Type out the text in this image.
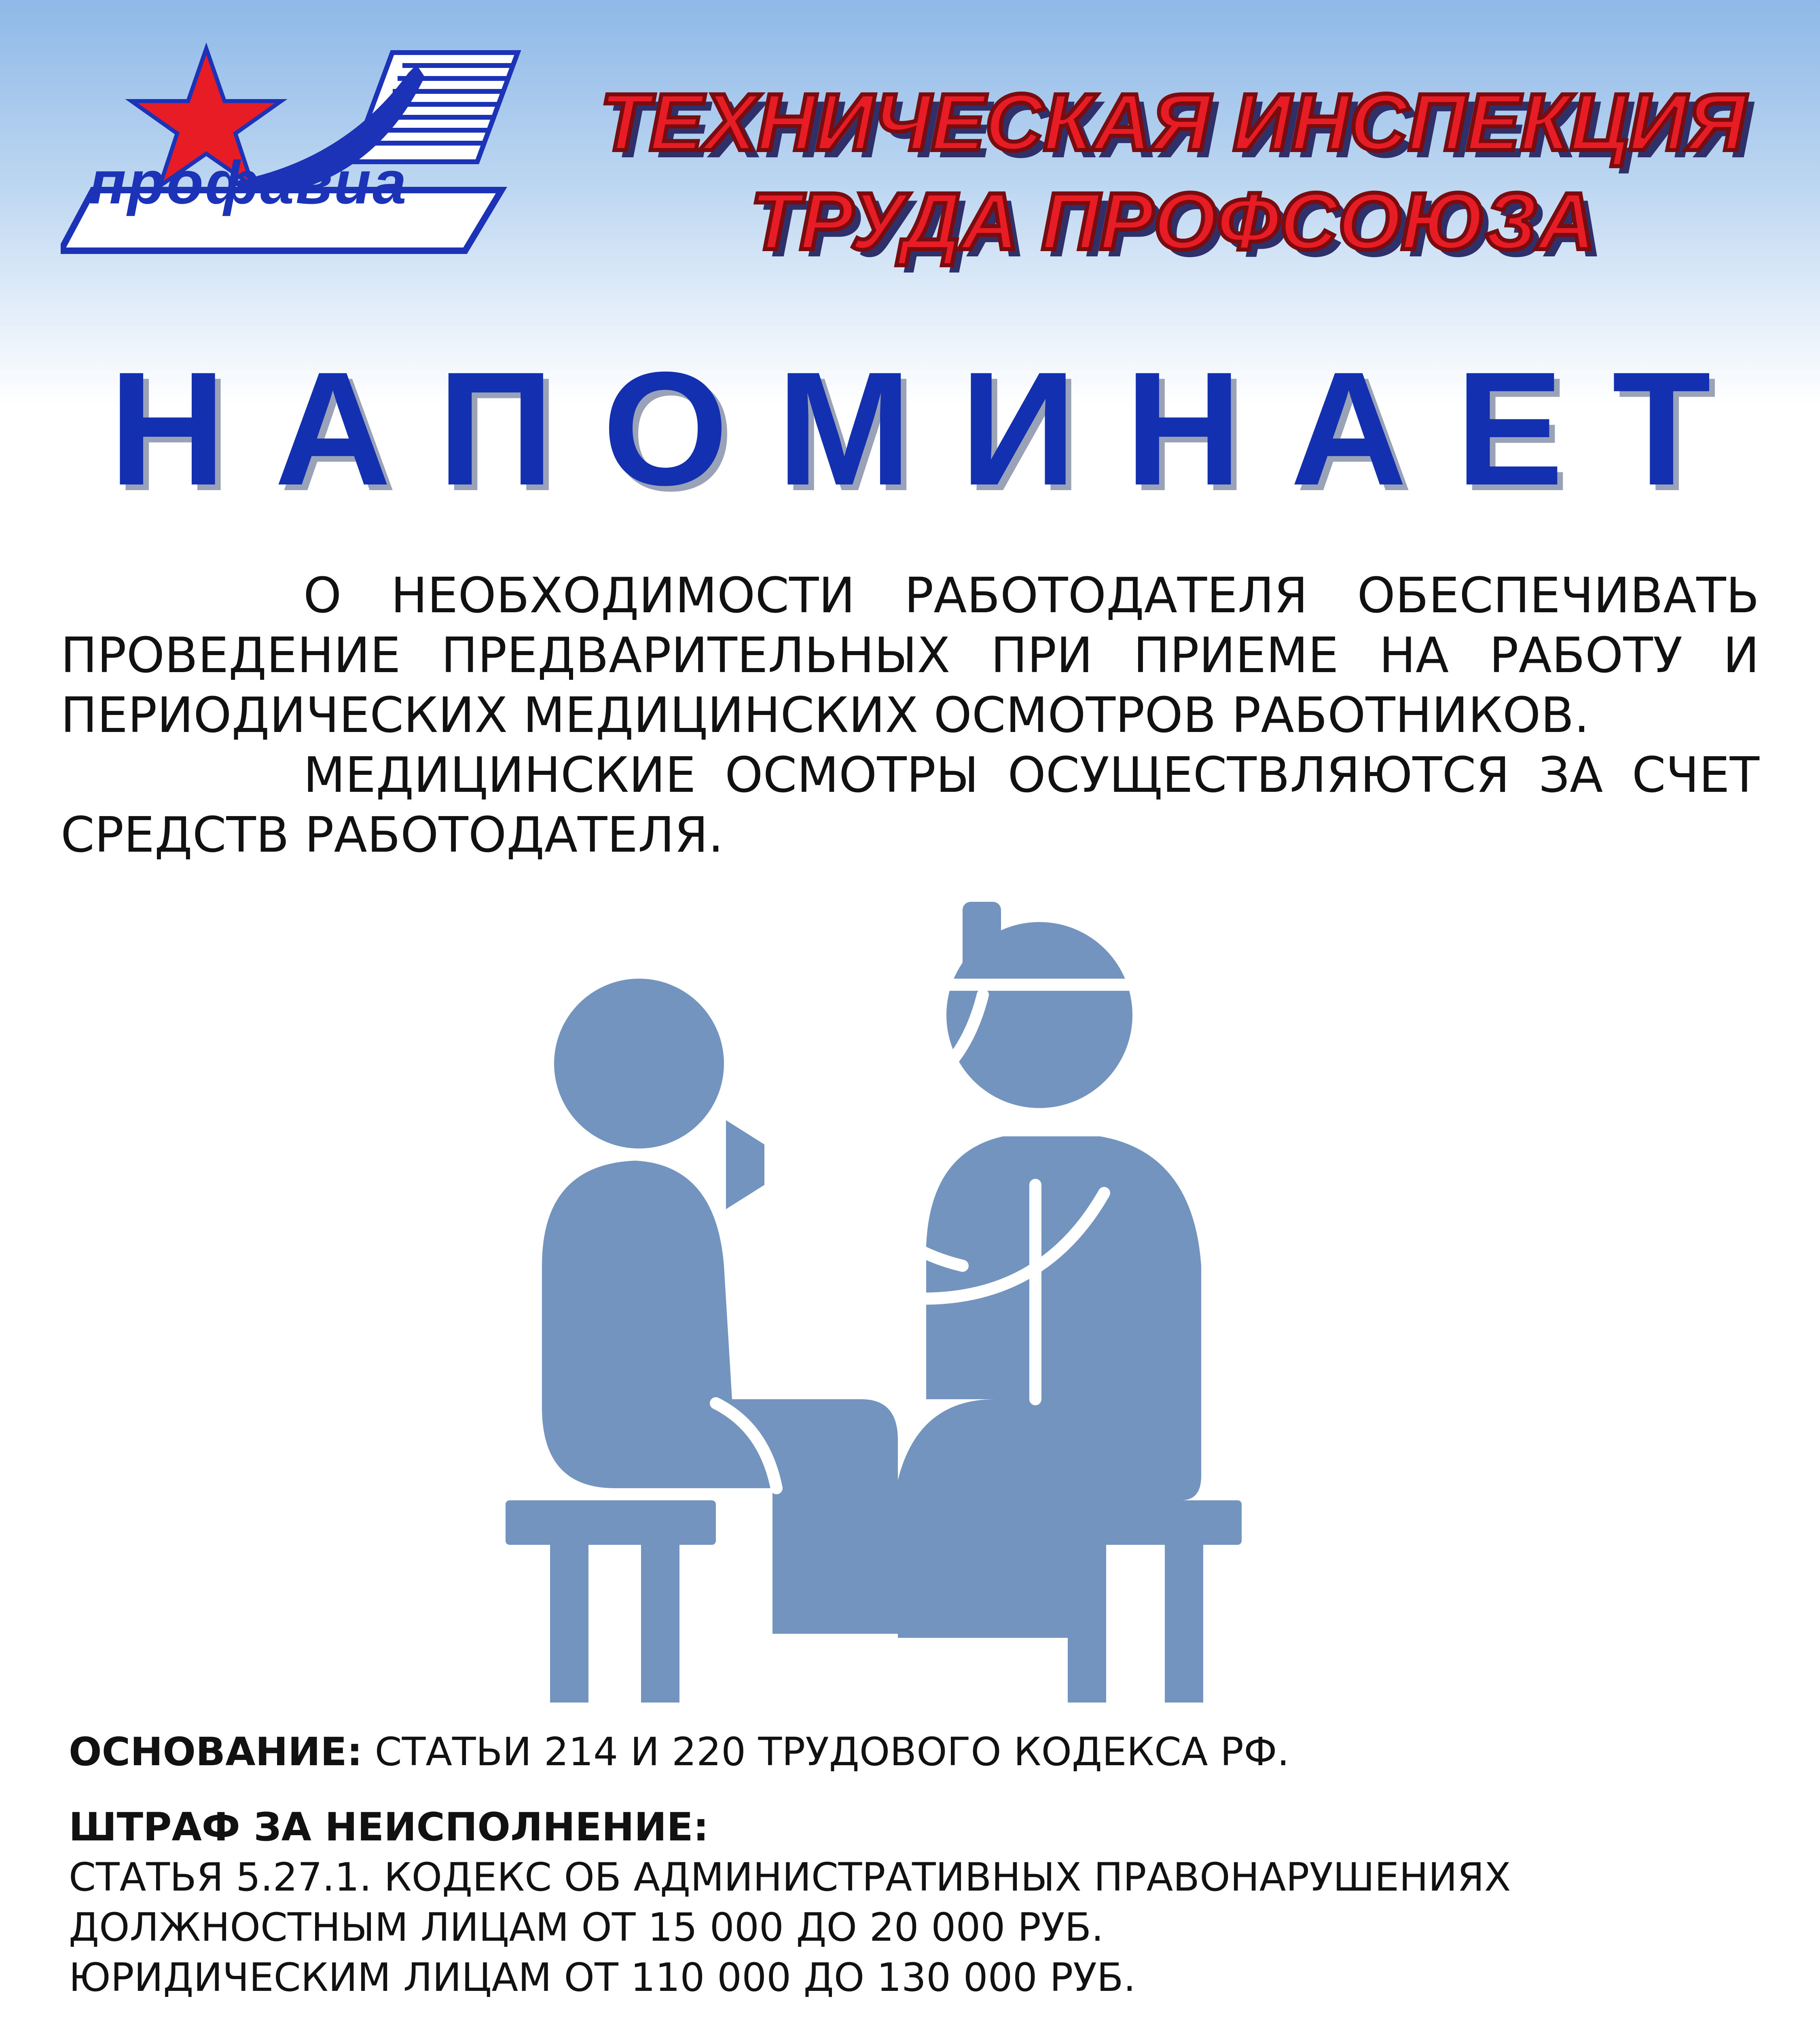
профавиа
ТЕХНИЧЕСКАЯ ИНСПЕКЦИЯ
ТРУДА ПРОФСОЮЗА
НАПОМИНАЕТ

О НЕОБХОДИМОСТИ РАБОТОДАТЕЛЯ ОБЕСПЕЧИВАТЬ ПРОВЕДЕНИЕ ПРЕДВАРИТЕЛЬНЫХ ПРИ ПРИЕМЕ НА РАБОТУ И ПЕРИОДИЧЕСКИХ МЕДИЦИНСКИХ ОСМОТРОВ РАБОТНИКОВ.

МЕДИЦИНСКИЕ ОСМОТРЫ ОСУЩЕСТВЛЯЮТСЯ ЗА СЧЕТ СРЕДСТВ РАБОТОДАТЕЛЯ.

ОСНОВАНИЕ: СТАТЬИ 214 И 220 ТРУДОВОГО КОДЕКСА РФ.
ШТРАФ ЗА НЕИСПОЛНЕНИЕ:
СТАТЬЯ 5.27.1. КОДЕКС ОБ АДМИНИСТРАТИВНЫХ ПРАВОНАРУШЕНИЯХ
ДОЛЖНОСТНЫМ ЛИЦАМ ОТ 15 000 ДО 20 000 РУБ.
ЮРИДИЧЕСКИМ ЛИЦАМ ОТ 110 000 ДО 130 000 РУБ.
